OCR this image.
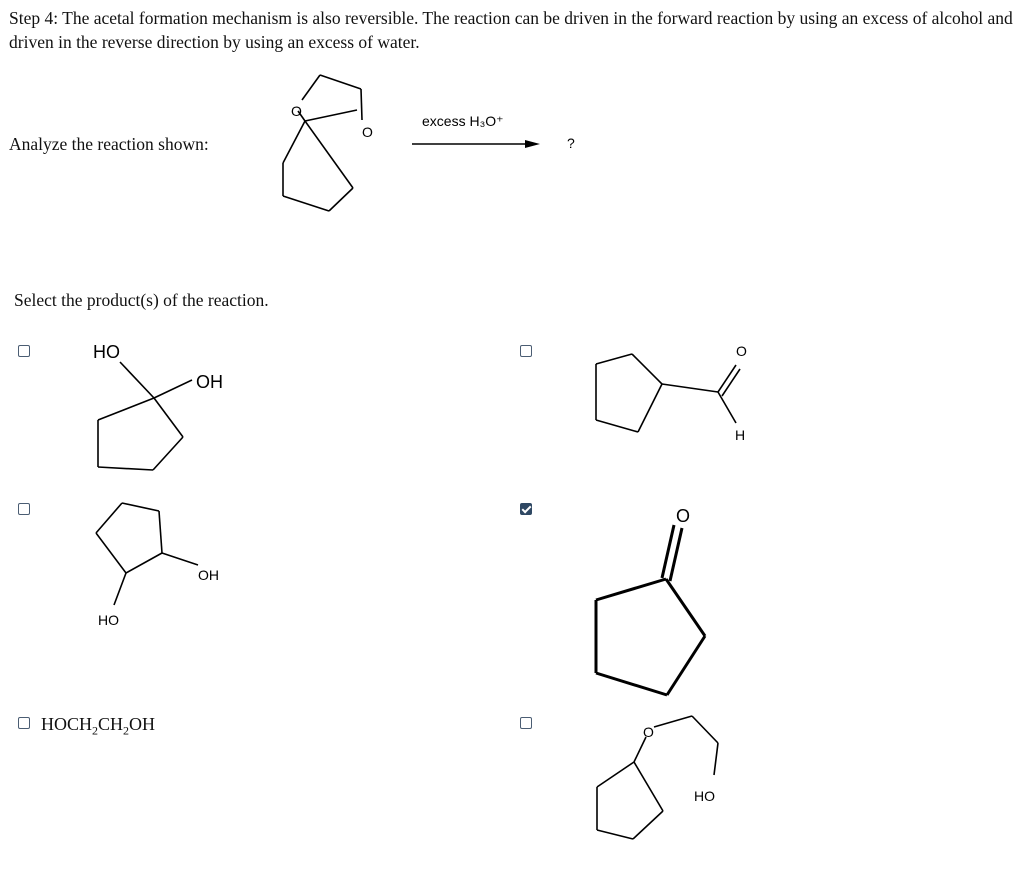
Step 4: The acetal formation mechanism is also reversible. The reaction can be driven in the forward reaction by using an excess of alcohol and driven in the reverse direction by using an excess of water.

Analyze the reaction shown:
O
O
excess H₃O⁺
?
Select the product(s) of the reaction.
HO
OH
O
H
OH
HO
O
$HOCH_2CH_2OH$	O
HO
